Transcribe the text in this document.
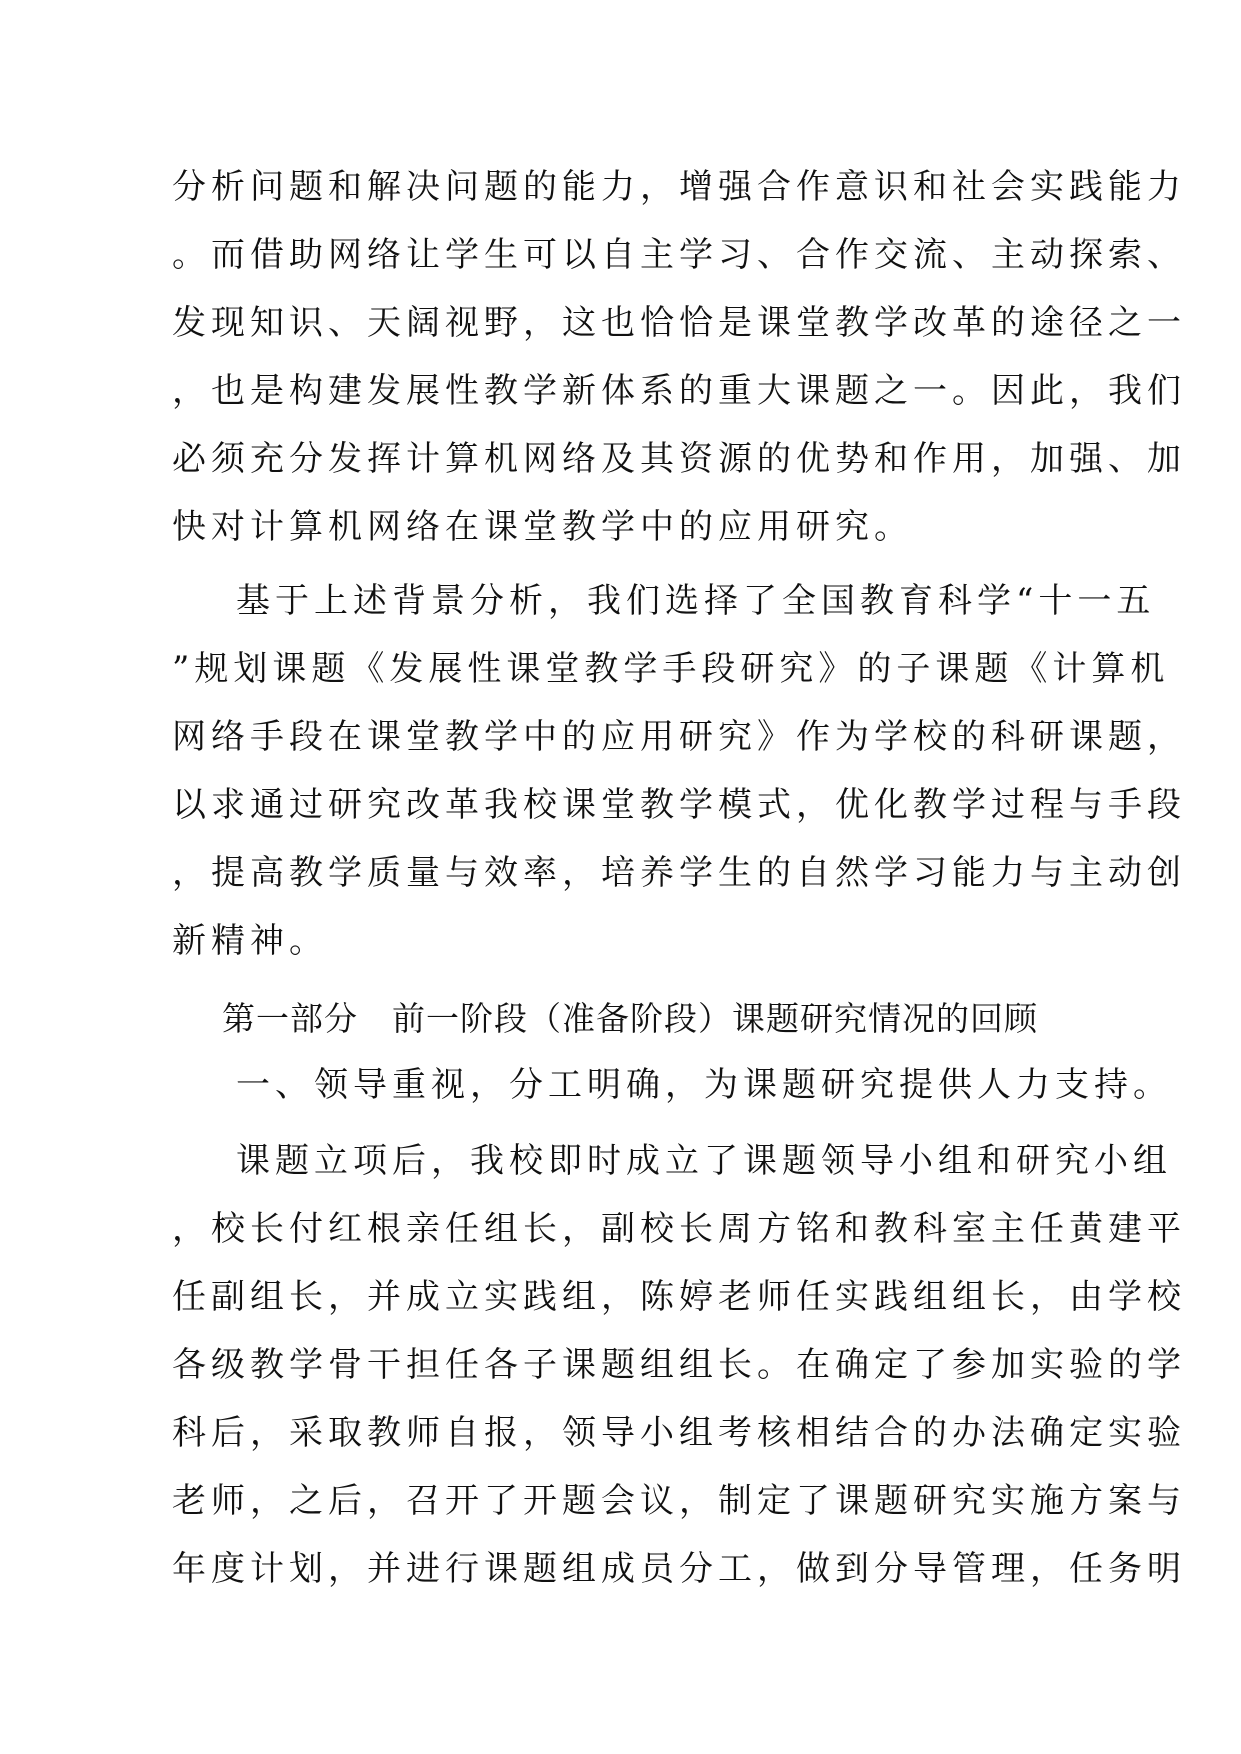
分析问题和解决问题的能力，增强合作意识和社会实践能力
。而借助网络让学生可以自主学习、合作交流、主动探索、
发现知识、天阔视野，这也恰恰是课堂教学改革的途径之一
，也是构建发展性教学新体系的重大课题之一。因此，我们
必须充分发挥计算机网络及其资源的优势和作用，加强、加
快对计算机网络在课堂教学中的应用研究。
基于上述背景分析，我们选择了全国教育科学“十一五
”规划课题《发展性课堂教学手段研究》的子课题《计算机
网络手段在课堂教学中的应用研究》作为学校的科研课题，
以求通过研究改革我校课堂教学模式，优化教学过程与手段
，提高教学质量与效率，培养学生的自然学习能力与主动创
新精神。
第一部分　前一阶段（准备阶段）课题研究情况的回顾
一、领导重视，分工明确，为课题研究提供人力支持。
课题立项后，我校即时成立了课题领导小组和研究小组
，校长付红根亲任组长，副校长周方铭和教科室主任黄建平
任副组长，并成立实践组，陈婷老师任实践组组长，由学校
各级教学骨干担任各子课题组组长。在确定了参加实验的学
科后，采取教师自报，领导小组考核相结合的办法确定实验
老师，之后，召开了开题会议，制定了课题研究实施方案与
年度计划，并进行课题组成员分工，做到分导管理，任务明
